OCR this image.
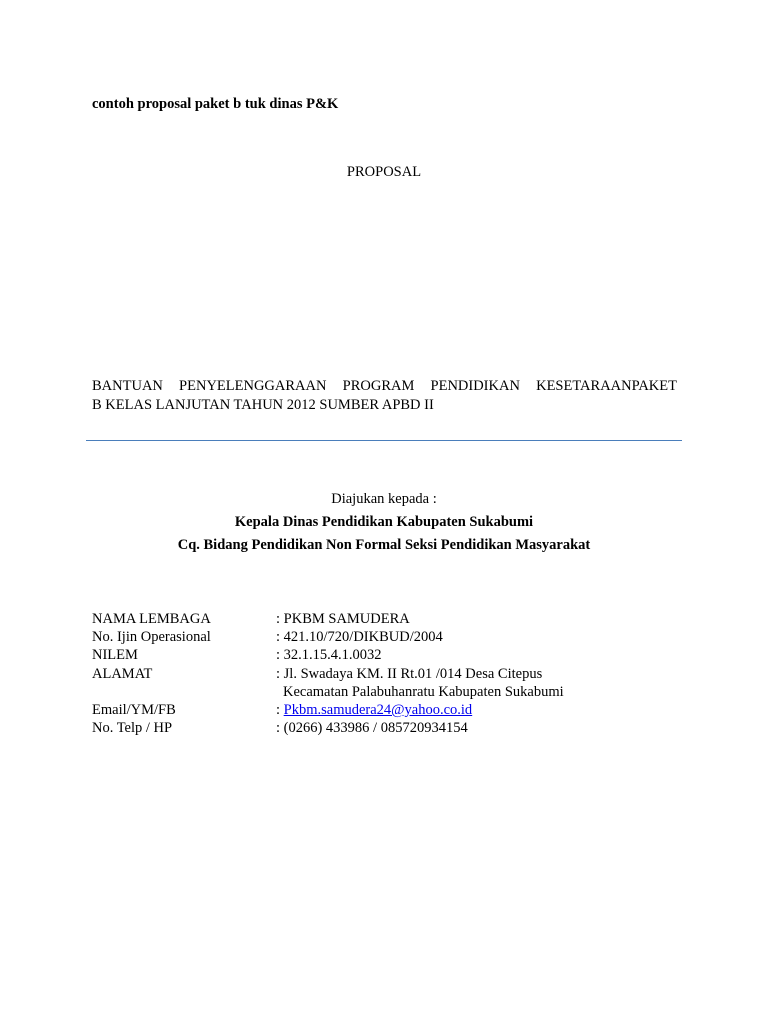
contoh proposal paket b tuk dinas P&K
PROPOSAL
BANTUAN PENYELENGGARAAN PROGRAM PENDIDIKAN KESETARAANPAKET
B KELAS LANJUTAN TAHUN 2012 SUMBER APBD II
Diajukan kepada :
Kepala Dinas Pendidikan Kabupaten Sukabumi
Cq. Bidang Pendidikan Non Formal Seksi Pendidikan Masyarakat
NAMA LEMBAGA	: PKBM SAMUDERA
No. Ijin Operasional	: 421.10/720/DIKBUD/2004
NILEM	: 32.1.15.4.1.0032
ALAMAT	: Jl. Swadaya KM. II Rt.01 /014 Desa Citepus
Kecamatan Palabuhanratu Kabupaten Sukabumi
Email/YM/FB	: Pkbm.samudera24@yahoo.co.id
No. Telp / HP	: (0266) 433986 / 085720934154
